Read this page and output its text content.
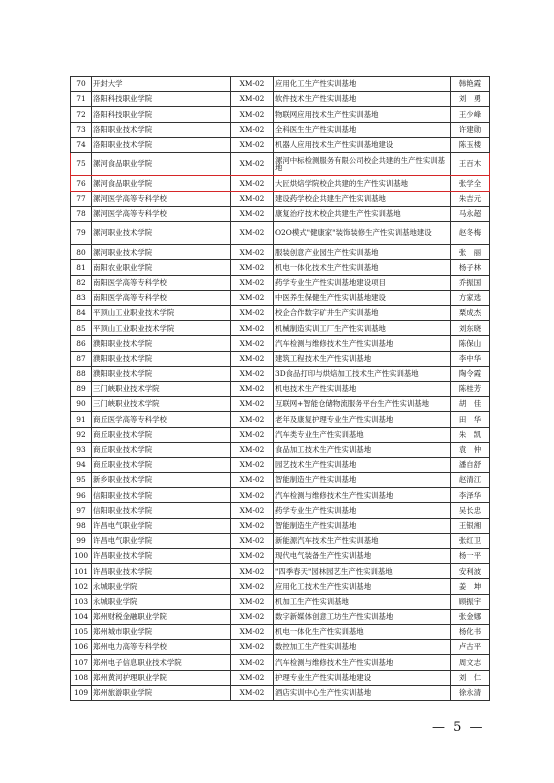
70	开封大学	XM-02	应用化工生产性实训基地	韩艳霞
71	洛阳科技职业学院	XM-02	软件技术生产性实训基地	刘　勇
72	洛阳科技职业学院	XM-02	物联网应用技术生产性实训基地	王少峰
73	洛阳职业技术学院	XM-02	全科医生生产性实训基地	许建勋
74	洛阳职业技术学院	XM-02	机器人应用技术生产性实训基地建设	陈玉楼
75	漯河食品职业学院	XM-02	漯河中标检测服务有限公司校企共建的生产性实训基地	王百木
76	漯河食品职业学院	XM-02	大匠烘焙学院校企共建的生产性实训基地	张学全
77	漯河医学高等专科学校	XM-02	建设药学校企共建生产性实训基地	朱吉元
78	漯河医学高等专科学校	XM-02	康复治疗技术校企共建生产性实训基地	马永超
79	漯河职业技术学院	XM-02	O2O模式"健康家"装饰装修生产性实训基地建设	赵冬梅
80	漯河职业技术学院	XM-02	服装创意产业园生产性实训基地	张　丽
81	南阳农业职业学院	XM-02	机电一体化技术生产性实训基地	杨子林
82	南阳医学高等专科学校	XM-02	药学专业生产性实训基地建设项目	乔振国
83	南阳医学高等专科学校	XM-02	中医养生保健生产性实训基地建设	方家选
84	平顶山工业职业技术学院	XM-02	校企合作数字矿井生产实训基地	栗成杰
85	平顶山工业职业技术学院	XM-02	机械制造实训工厂生产性实训基地	刘东晓
86	濮阳职业技术学院	XM-02	汽车检测与维修技术生产性实训基地	陈保山
87	濮阳职业技术学院	XM-02	建筑工程技术生产性实训基地	李中华
88	濮阳职业技术学院	XM-02	3D食品打印与烘焙加工技术生产性实训基地	陶令霞
89	三门峡职业技术学院	XM-02	机电技术生产性实训基地	陈桂芳
90	三门峡职业技术学院	XM-02	互联网+智能仓储物流服务平台生产性实训基地	胡　佳
91	商丘医学高等专科学校	XM-02	老年及康复护理专业生产性实训基地	田　华
92	商丘职业技术学院	XM-02	汽车类专业生产性实训基地	朱　凯
93	商丘职业技术学院	XM-02	食品加工技术生产性实训基地	袁　仲
94	商丘职业技术学院	XM-02	园艺技术生产性实训基地	潘自舒
95	新乡职业技术学院	XM-02	智能制造生产性实训基地	赵清江
96	信阳职业技术学院	XM-02	汽车检测与维修技术生产性实训基地	李泽华
97	信阳职业技术学院	XM-02	药学专业生产性实训基地	吴长忠
98	许昌电气职业学院	XM-02	智能制造生产性实训基地	王银湘
99	许昌电气职业学院	XM-02	新能源汽车技术生产性实训基地	张红卫
100	许昌职业技术学院	XM-02	现代电气装备生产性实训基地	杨一平
101	许昌职业技术学院	XM-02	"四季春天"园林园艺生产性实训基地	安利波
102	永城职业学院	XM-02	应用化工技术生产性实训基地	姜　坤
103	永城职业学院	XM-02	机加工生产性实训基地	顾振宇
104	郑州财税金融职业学院	XM-02	数字新媒体创意工坊生产性实训基地	张金娜
105	郑州城市职业学院	XM-02	机电一体化生产性实训基地	杨化书
106	郑州电力高等专科学校	XM-02	数控加工生产性实训基地	卢古平
107	郑州电子信息职业技术学院	XM-02	汽车检测与维修技术生产性实训基地	周文志
108	郑州黄河护理职业学院	XM-02	护理专业生产性实训基地建设	刘　仁
109	郑州旅游职业学院	XM-02	酒店实训中心生产性实训基地	徐永清
— 5 —
